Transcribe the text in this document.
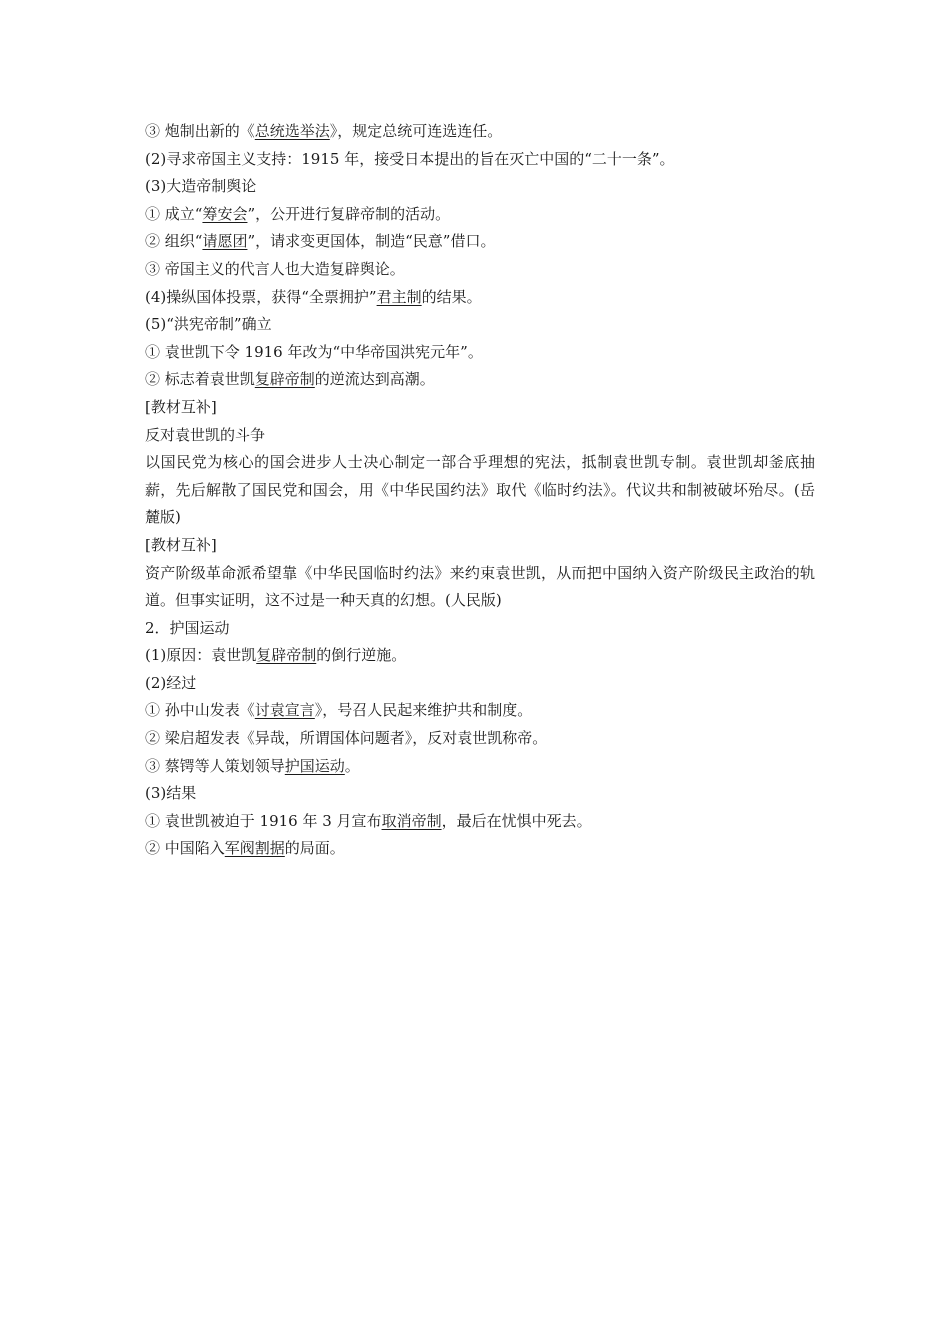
③ 炮制出新的《总统选举法》，规定总统可连选连任。
(2)寻求帝国主义支持：1915 年，接受日本提出的旨在灭亡中国的“二十一条”。
(3)大造帝制舆论
① 成立“筹安会”，公开进行复辟帝制的活动。
② 组织“请愿团”，请求变更国体，制造“民意”借口。
③ 帝国主义的代言人也大造复辟舆论。
(4)操纵国体投票，获得“全票拥护”君主制的结果。
(5)“洪宪帝制”确立
① 袁世凯下令 1916 年改为“中华帝国洪宪元年”。
② 标志着袁世凯复辟帝制的逆流达到高潮。
[教材互补]
反对袁世凯的斗争
以国民党为核心的国会进步人士决心制定一部合乎理想的宪法，抵制袁世凯专制。袁世凯却釜底抽薪，先后解散了国民党和国会，用《中华民国约法》取代《临时约法》。代议共和制被破坏殆尽。(岳麓版)
[教材互补]
资产阶级革命派希望靠《中华民国临时约法》来约束袁世凯，从而把中国纳入资产阶级民主政治的轨道。但事实证明，这不过是一种天真的幻想。(人民版)
2．护国运动
(1)原因：袁世凯复辟帝制的倒行逆施。
(2)经过
① 孙中山发表《讨袁宣言》，号召人民起来维护共和制度。
② 梁启超发表《异哉，所谓国体问题者》，反对袁世凯称帝。
③ 蔡锷等人策划领导护国运动。
(3)结果
① 袁世凯被迫于 1916 年 3 月宣布取消帝制，最后在忧惧中死去。
② 中国陷入军阀割据的局面。
